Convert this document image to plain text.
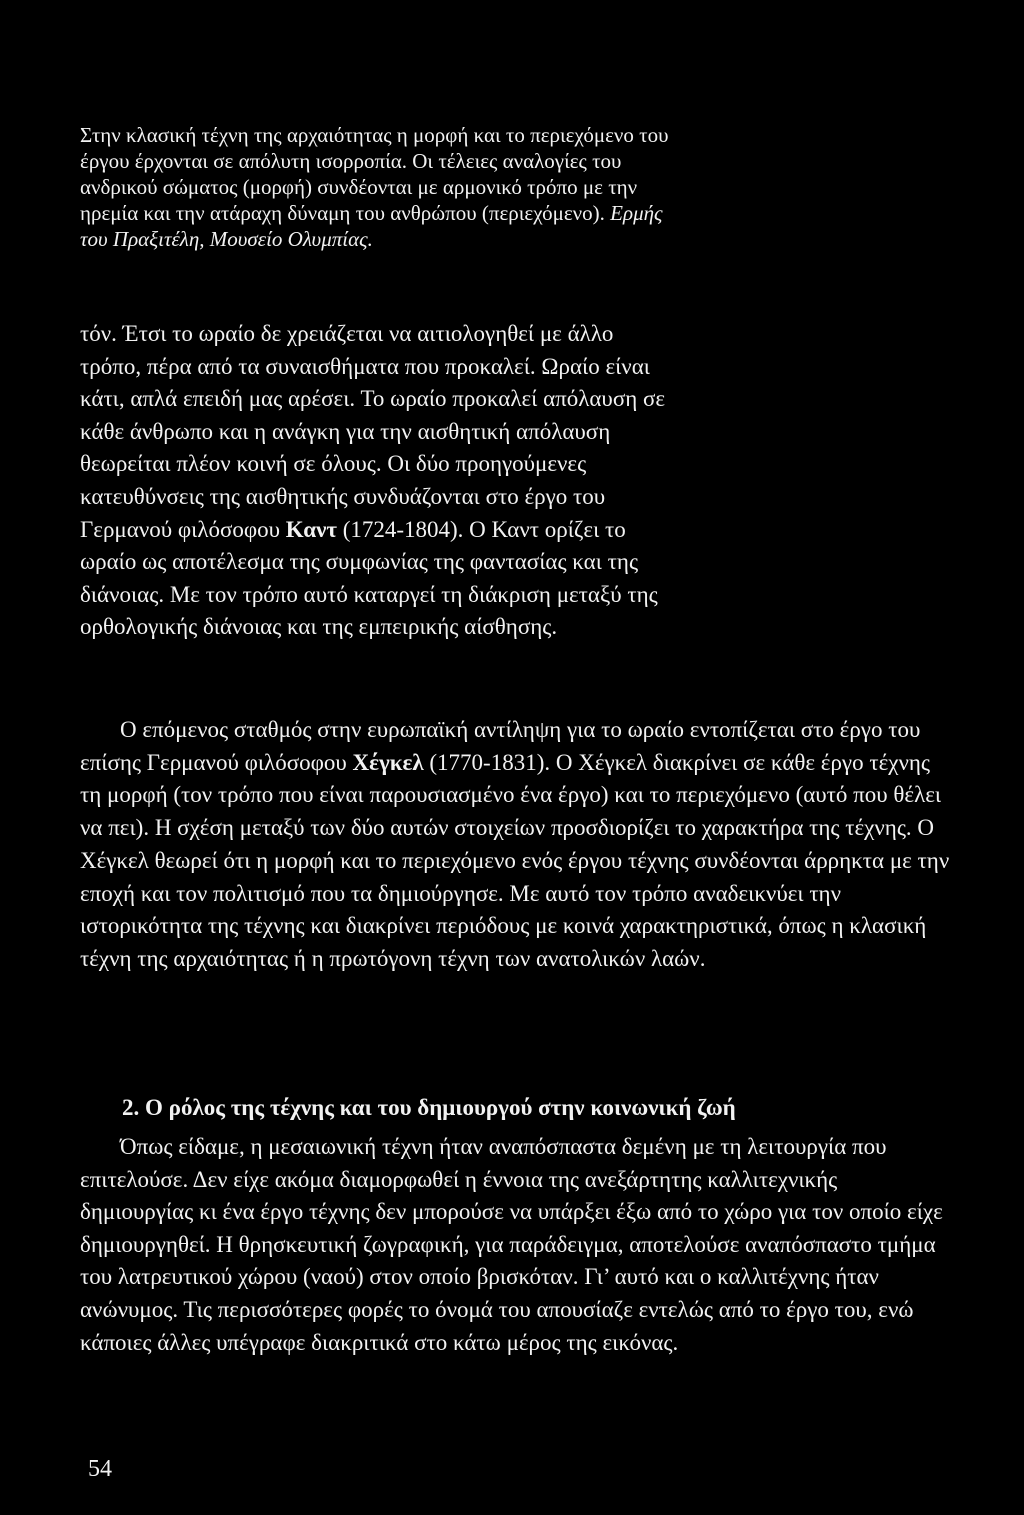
Στην κλασική τέχνη της αρχαιότητας η μορφή και το περιεχόμενο του έργου έρχονται σε απόλυτη ισορροπία. Οι τέλειες αναλογίες του ανδρικού σώματος (μορφή) συνδέονται με αρμονικό τρόπο με την ηρεμία και την ατάραχη δύναμη του ανθρώπου (περιεχόμενο). Ερμής του Πραξιτέλη, Μουσείο Ολυμπίας.

τόν. Έτσι το ωραίο δε χρειάζεται να αιτιολογηθεί με άλλο τρόπο, πέρα από τα συναισθήματα που προκαλεί. Ωραίο είναι κάτι, απλά επειδή μας αρέσει. Το ωραίο προκαλεί απόλαυση σε κάθε άνθρωπο και η ανάγκη για την αισθητική απόλαυση θεωρείται πλέον κοινή σε όλους. Οι δύο προηγούμενες κατευθύνσεις της αισθητικής συνδυάζονται στο έργο του Γερμανού φιλόσοφου Καντ (1724-1804). Ο Καντ ορίζει το ωραίο ως αποτέλεσμα της συμφωνίας της φαντασίας και της διάνοιας. Με τον τρόπο αυτό καταργεί τη διάκριση μεταξύ της ορθολογικής διάνοιας και της εμπειρικής αίσθησης.

Ο επόμενος σταθμός στην ευρωπαϊκή αντίληψη για το ωραίο εντοπίζεται στο έργο του επίσης Γερμανού φιλόσοφου Χέγκελ (1770-1831). Ο Χέγκελ διακρίνει σε κάθε έργο τέχνης τη μορφή (τον τρόπο που είναι παρουσιασμένο ένα έργο) και το περιεχόμενο (αυτό που θέλει να πει). Η σχέση μεταξύ των δύο αυτών στοιχείων προσδιορίζει το χαρακτήρα της τέχνης. Ο Χέγκελ θεωρεί ότι η μορφή και το περιεχόμενο ενός έργου τέχνης συνδέονται άρρηκτα με την εποχή και τον πολιτισμό που τα δημιούργησε. Με αυτό τον τρόπο αναδεικνύει την ιστορικότητα της τέχνης και διακρίνει περιόδους με κοινά χαρακτηριστικά, όπως η κλασική τέχνη της αρχαιότητας ή η πρωτόγονη τέχνη των ανατολικών λαών.

2. Ο ρόλος της τέχνης και του δημιουργού στην κοινωνική ζωή

Όπως είδαμε, η μεσαιωνική τέχνη ήταν αναπόσπαστα δεμένη με τη λειτουργία που επιτελούσε. Δεν είχε ακόμα διαμορφωθεί η έννοια της ανεξάρτητης καλλιτεχνικής δημιουργίας κι ένα έργο τέχνης δεν μπορούσε να υπάρξει έξω από το χώρο για τον οποίο είχε δημιουργηθεί. Η θρησκευτική ζωγραφική, για παράδειγμα, αποτελούσε αναπόσπαστο τμήμα του λατρευτικού χώρου (ναού) στον οποίο βρισκόταν. Γι’ αυτό και ο καλλιτέχνης ήταν ανώνυμος. Τις περισσότερες φορές το όνομά του απουσίαζε εντελώς από το έργο του, ενώ κάποιες άλλες υπέγραφε διακριτικά στο κάτω μέρος της εικόνας.

54
